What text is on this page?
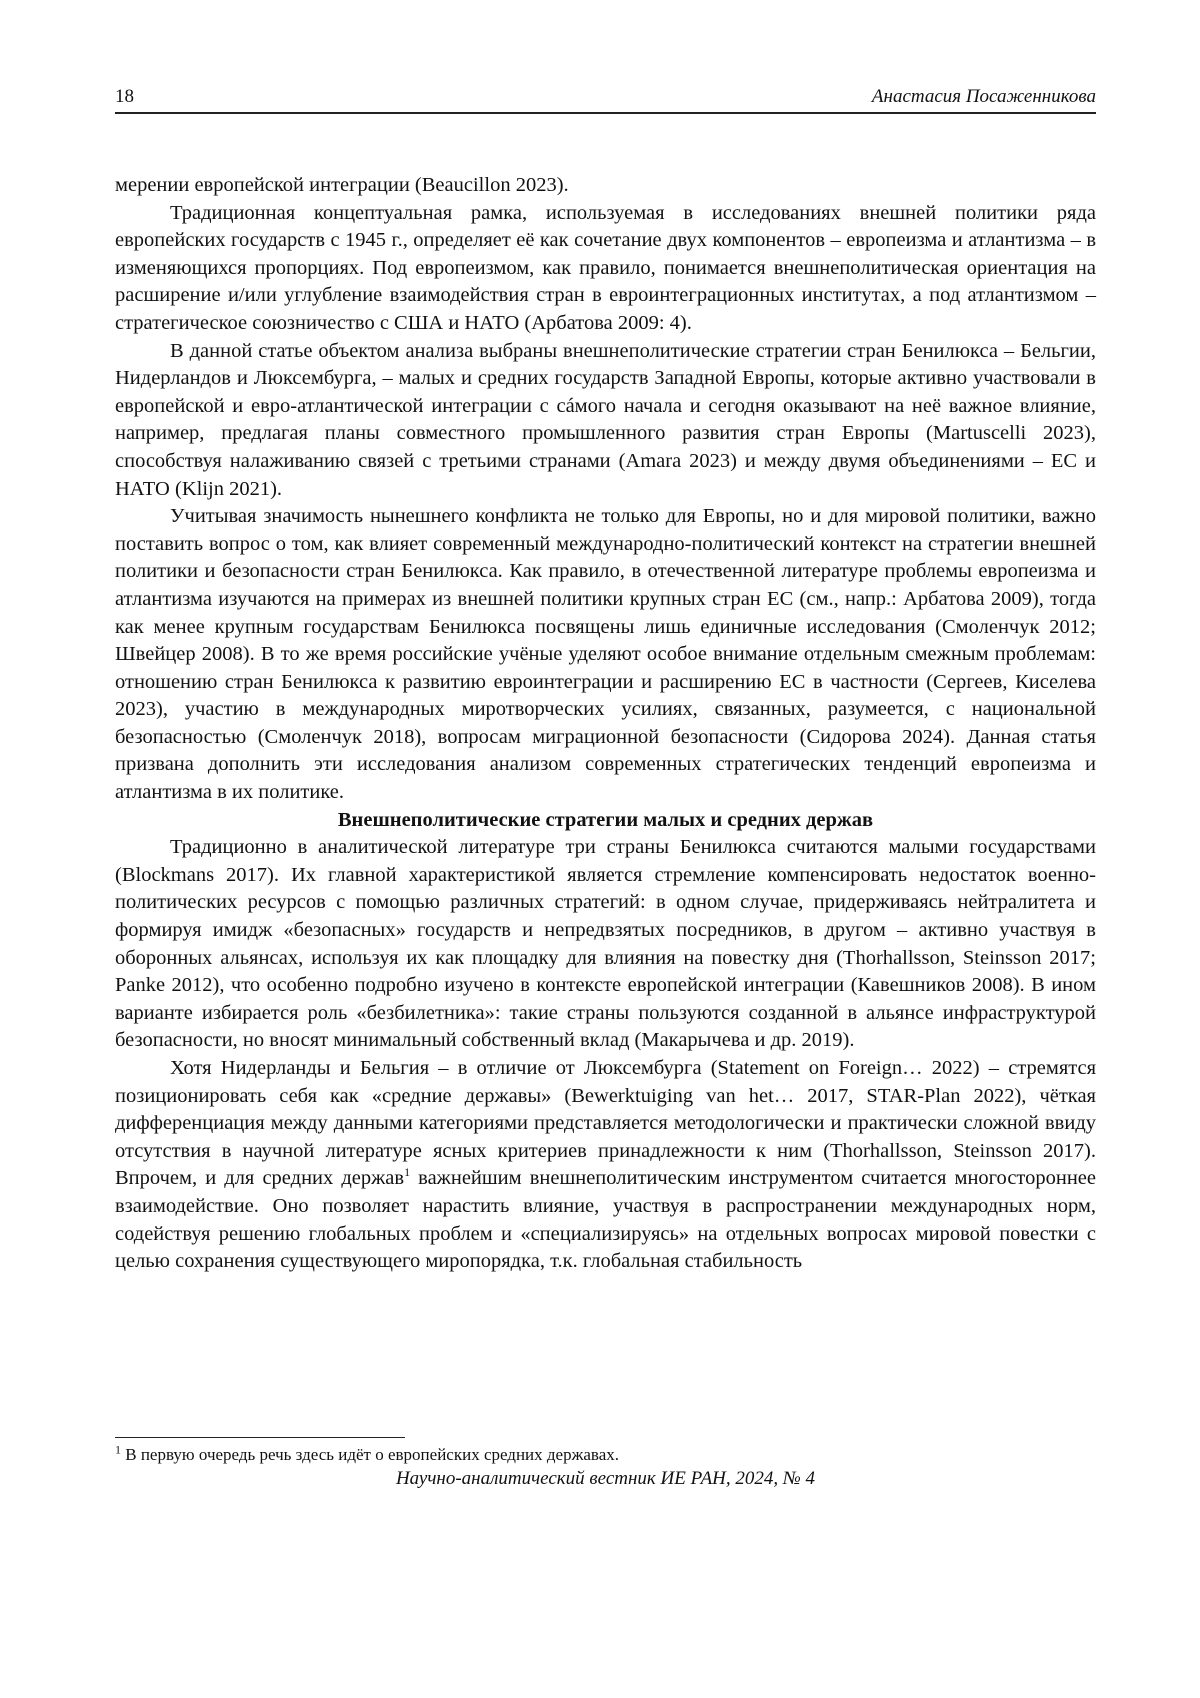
18	Анастасия Посаженникова

мерении европейской интеграции (Beaucillon 2023).

Традиционная концептуальная рамка, используемая в исследованиях внешней политики ряда европейских государств с 1945 г., определяет её как сочетание двух компонентов – европеизма и атлантизма – в изменяющихся пропорциях. Под европеизмом, как правило, понимается внешнеполитическая ориентация на расширение и/или углубление взаимодействия стран в евроинтеграционных институтах, а под атлантизмом – стратегическое союзничество с США и НАТО (Арбатова 2009: 4).

В данной статье объектом анализа выбраны внешнеполитические стратегии стран Бенилюкса – Бельгии, Нидерландов и Люксембурга, – малых и средних государств Западной Европы, которые активно участвовали в европейской и евро-атлантической интеграции с сáмого начала и сегодня оказывают на неё важное влияние, например, предлагая планы совместного промышленного развития стран Европы (Martuscelli 2023), способствуя налаживанию связей с третьими странами (Amara 2023) и между двумя объединениями – ЕС и НАТО (Klijn 2021).

Учитывая значимость нынешнего конфликта не только для Европы, но и для мировой политики, важно поставить вопрос о том, как влияет современный международно-политический контекст на стратегии внешней политики и безопасности стран Бенилюкса. Как правило, в отечественной литературе проблемы европеизма и атлантизма изучаются на примерах из внешней политики крупных стран ЕС (см., напр.: Арбатова 2009), тогда как менее крупным государствам Бенилюкса посвящены лишь единичные исследования (Смоленчук 2012; Швейцер 2008). В то же время российские учёные уделяют особое внимание отдельным смежным проблемам: отношению стран Бенилюкса к развитию евроинтеграции и расширению ЕС в частности (Сергеев, Киселева 2023), участию в международных миротворческих усилиях, связанных, разумеется, с национальной безопасностью (Смоленчук 2018), вопросам миграционной безопасности (Сидорова 2024). Данная статья призвана дополнить эти исследования анализом современных стратегических тенденций европеизма и атлантизма в их политике.

Внешнеполитические стратегии малых и средних держав

Традиционно в аналитической литературе три страны Бенилюкса считаются малыми государствами (Blockmans 2017). Их главной характеристикой является стремление компенсировать недостаток военно-политических ресурсов с помощью различных стратегий: в одном случае, придерживаясь нейтралитета и формируя имидж «безопасных» государств и непредвзятых посредников, в другом – активно участвуя в оборонных альянсах, используя их как площадку для влияния на повестку дня (Thorhallsson, Steinsson 2017; Panke 2012), что особенно подробно изучено в контексте европейской интеграции (Кавешников 2008). В ином варианте избирается роль «безбилетника»: такие страны пользуются созданной в альянсе инфраструктурой безопасности, но вносят минимальный собственный вклад (Макарычева и др. 2019).

Хотя Нидерланды и Бельгия – в отличие от Люксембурга (Statement on Foreign… 2022) – стремятся позиционировать себя как «средние державы» (Bewerktuiging van het… 2017, STAR-Plan 2022), чёткая дифференциация между данными категориями представляется методологически и практически сложной ввиду отсутствия в научной литературе ясных критериев принадлежности к ним (Thorhallsson, Steinsson 2017). Впрочем, и для средних держав$^1$ важнейшим внешнеполитическим инструментом считается многостороннее взаимодействие. Оно позволяет нарастить влияние, участвуя в распространении международных норм, содействуя решению глобальных проблем и «специализируясь» на отдельных вопросах мировой повестки с целью сохранения существующего миропорядка, т.к. глобальная стабильность

$^1$ В первую очередь речь здесь идёт о европейских средних державах.
Научно-аналитический вестник ИЕ РАН, 2024, № 4
